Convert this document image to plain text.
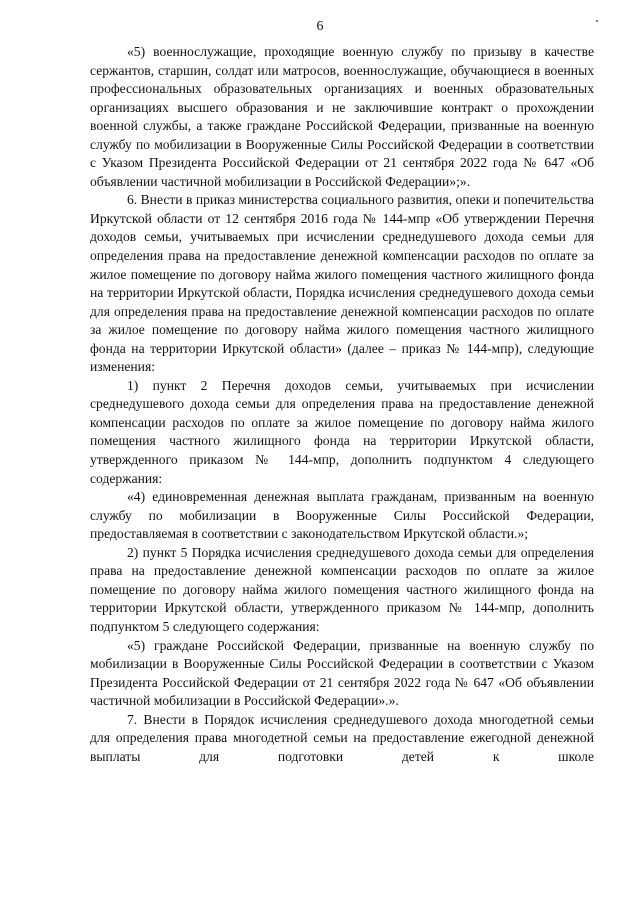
6

«5) военнослужащие, проходящие военную службу по призыву в качестве сержантов, старшин, солдат или матросов, военнослужащие, обучающиеся в военных профессиональных образовательных организациях и военных образовательных организациях высшего образования и не заключившие контракт о прохождении военной службы, а также граждане Российской Федерации, призванные на военную службу по мобилизации в Вооруженные Силы Российской Федерации в соответствии с Указом Президента Российской Федерации от 21 сентября 2022 года № 647 «Об объявлении частичной мобилизации в Российской Федерации»;».

6. Внести в приказ министерства социального развития, опеки и попечительства Иркутской области от 12 сентября 2016 года № 144-мпр «Об утверждении Перечня доходов семьи, учитываемых при исчислении среднедушевого дохода семьи для определения права на предоставление денежной компенсации расходов по оплате за жилое помещение по договору найма жилого помещения частного жилищного фонда на территории Иркутской области, Порядка исчисления среднедушевого дохода семьи для определения права на предоставление денежной компенсации расходов по оплате за жилое помещение по договору найма жилого помещения частного жилищного фонда на территории Иркутской области» (далее – приказ № 144-мпр), следующие изменения:

1) пункт 2 Перечня доходов семьи, учитываемых при исчислении среднедушевого дохода семьи для определения права на предоставление денежной компенсации расходов по оплате за жилое помещение по договору найма жилого помещения частного жилищного фонда на территории Иркутской области, утвержденного приказом № 144-мпр, дополнить подпунктом 4 следующего содержания:

«4) единовременная денежная выплата гражданам, призванным на военную службу по мобилизации в Вооруженные Силы Российской Федерации, предоставляемая в соответствии с законодательством Иркутской области.»;

2) пункт 5 Порядка исчисления среднедушевого дохода семьи для определения права на предоставление денежной компенсации расходов по оплате за жилое помещение по договору найма жилого помещения частного жилищного фонда на территории Иркутской области, утвержденного приказом № 144-мпр, дополнить подпунктом 5 следующего содержания:

«5) граждане Российской Федерации, призванные на военную службу по мобилизации в Вооруженные Силы Российской Федерации в соответствии с Указом Президента Российской Федерации от 21 сентября 2022 года № 647 «Об объявлении частичной мобилизации в Российской Федерации».».

7. Внести в Порядок исчисления среднедушевого дохода многодетной семьи для определения права многодетной семьи на предоставление ежегодной денежной выплаты для подготовки детей к школе
